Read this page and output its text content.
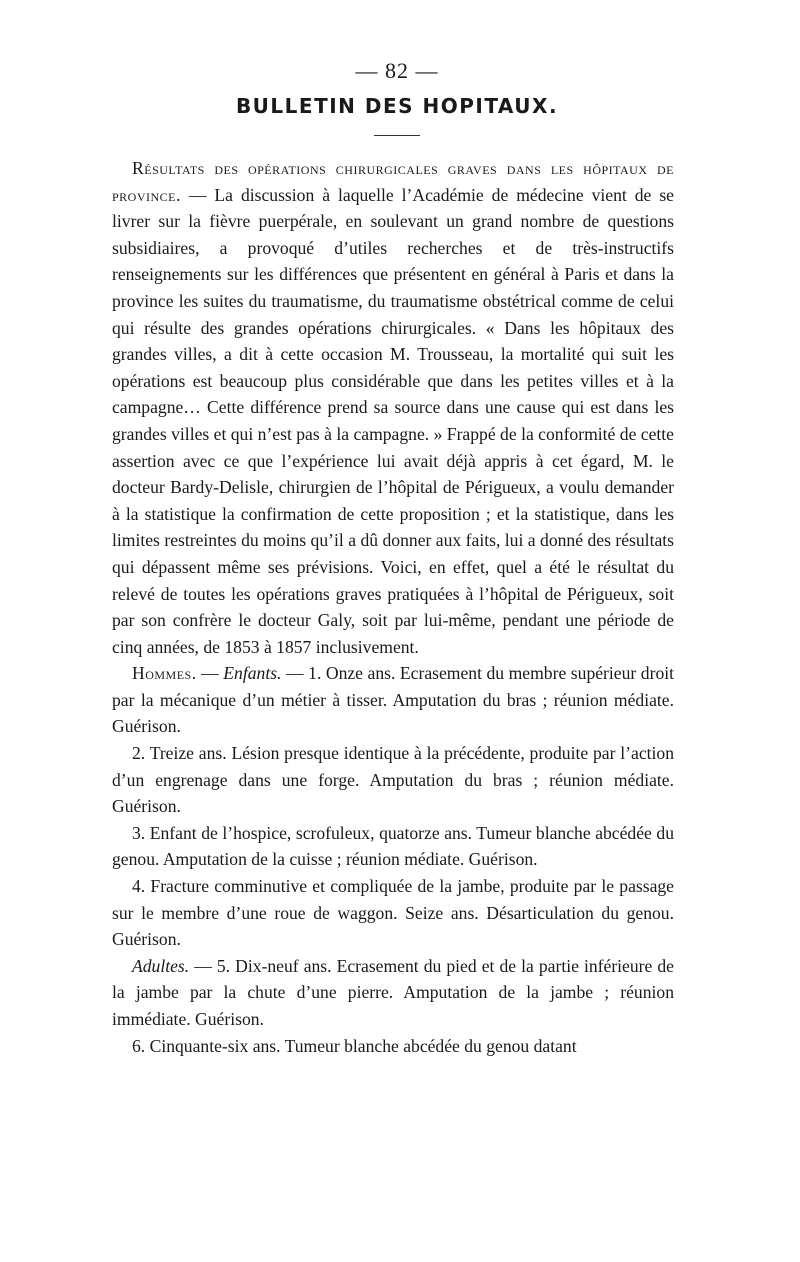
— 82 —
BULLETIN DES HOPITAUX.

Résultats des opérations chirurgicales graves dans les hôpitaux de province. — La discussion à laquelle l’Académie de médecine vient de se livrer sur la fièvre puerpérale, en soulevant un grand nombre de questions subsidiaires, a provoqué d’utiles recherches et de très-instructifs renseignements sur les différences que présentent en général à Paris et dans la province les suites du traumatisme, du traumatisme obstétrical comme de celui qui résulte des grandes opérations chirurgicales. « Dans les hôpitaux des grandes villes, a dit à cette occasion M. Trousseau, la mortalité qui suit les opérations est beaucoup plus considérable que dans les petites villes et à la campagne… Cette différence prend sa source dans une cause qui est dans les grandes villes et qui n’est pas à la campagne. » Frappé de la conformité de cette assertion avec ce que l’expérience lui avait déjà appris à cet égard, M. le docteur Bardy-Delisle, chirurgien de l’hôpital de Périgueux, a voulu demander à la statistique la confirmation de cette proposition ; et la statistique, dans les limites restreintes du moins qu’il a dû donner aux faits, lui a donné des résultats qui dépassent même ses prévisions. Voici, en effet, quel a été le résultat du relevé de toutes les opérations graves pratiquées à l’hôpital de Périgueux, soit par son confrère le docteur Galy, soit par lui-même, pendant une période de cinq années, de 1853 à 1857 inclusivement.

Hommes. — Enfants. — 1. Onze ans. Ecrasement du membre supérieur droit par la mécanique d’un métier à tisser. Amputation du bras ; réunion médiate. Guérison.

2. Treize ans. Lésion presque identique à la précédente, produite par l’action d’un engrenage dans une forge. Amputation du bras ; réunion médiate. Guérison.

3. Enfant de l’hospice, scrofuleux, quatorze ans. Tumeur blanche abcédée du genou. Amputation de la cuisse ; réunion médiate. Guérison.

4. Fracture comminutive et compliquée de la jambe, produite par le passage sur le membre d’une roue de waggon. Seize ans. Désarticulation du genou. Guérison.

Adultes. — 5. Dix-neuf ans. Ecrasement du pied et de la partie inférieure de la jambe par la chute d’une pierre. Amputation de la jambe ; réunion immédiate. Guérison.

6. Cinquante-six ans. Tumeur blanche abcédée du genou datant
